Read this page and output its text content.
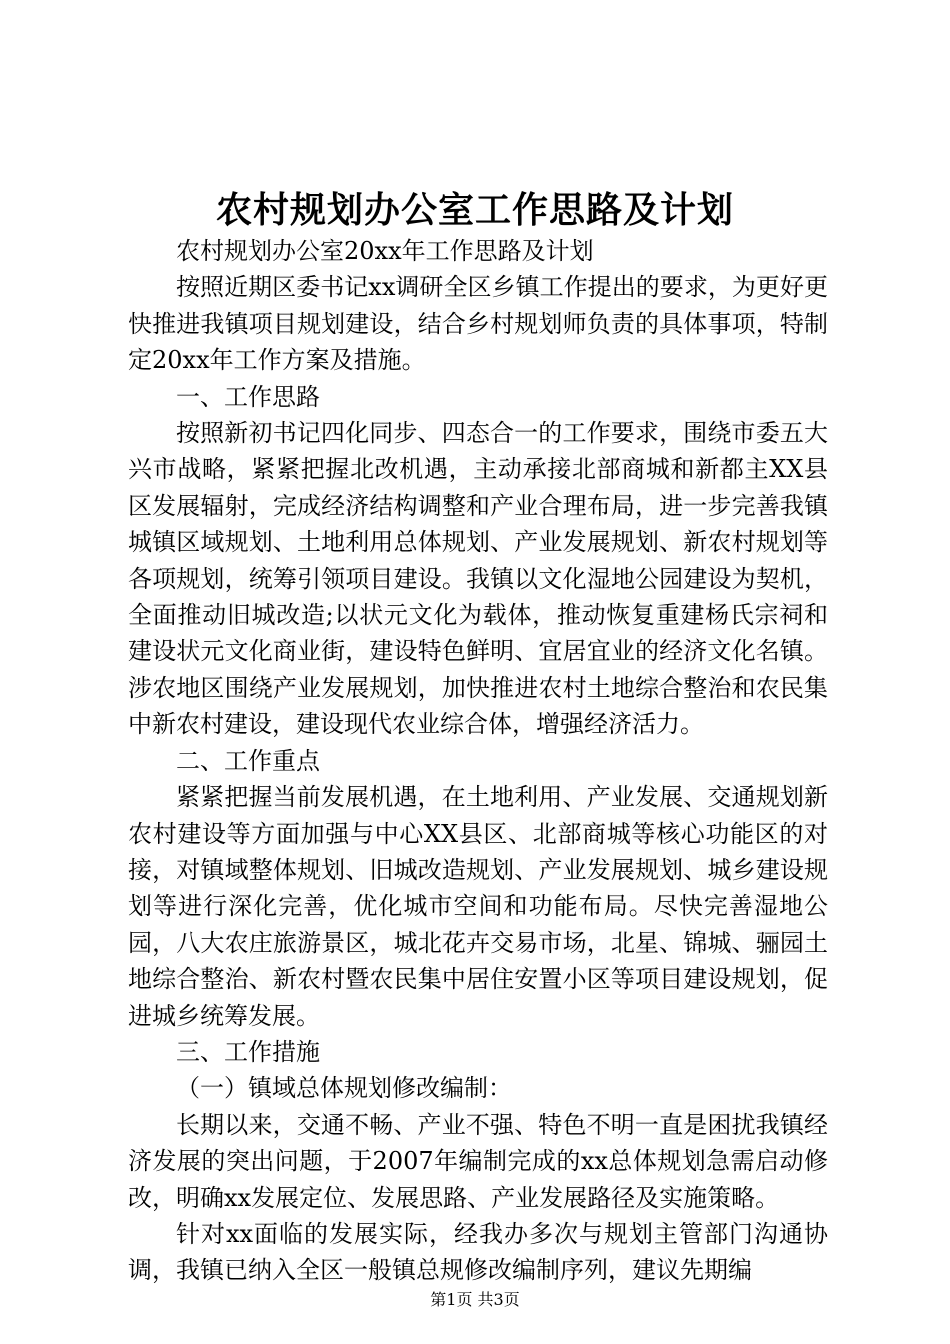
农村规划办公室工作思路及计划

农村规划办公室20xx年工作思路及计划

按照近期区委书记xx调研全区乡镇工作提出的要求，为更好更快推进我镇项目规划建设，结合乡村规划师负责的具体事项，特制定20xx年工作方案及措施。

一、工作思路

按照新初书记四化同步、四态合一的工作要求，围绕市委五大兴市战略，紧紧把握北改机遇，主动承接北部商城和新都主XX县区发展辐射，完成经济结构调整和产业合理布局，进一步完善我镇城镇区域规划、土地利用总体规划、产业发展规划、新农村规划等各项规划，统筹引领项目建设。我镇以文化湿地公园建设为契机，全面推动旧城改造;以状元文化为载体，推动恢复重建杨氏宗祠和建设状元文化商业街，建设特色鲜明、宜居宜业的经济文化名镇。涉农地区围绕产业发展规划，加快推进农村土地综合整治和农民集中新农村建设，建设现代农业综合体，增强经济活力。

二、工作重点

紧紧把握当前发展机遇，在土地利用、产业发展、交通规划新农村建设等方面加强与中心XX县区、北部商城等核心功能区的对接，对镇域整体规划、旧城改造规划、产业发展规划、城乡建设规划等进行深化完善，优化城市空间和功能布局。尽快完善湿地公园，八大农庄旅游景区，城北花卉交易市场，北星、锦城、骊园土地综合整治、新农村暨农民集中居住安置小区等项目建设规划，促进城乡统筹发展。

三、工作措施

（一）镇域总体规划修改编制：

长期以来，交通不畅、产业不强、特色不明一直是困扰我镇经济发展的突出问题，于2007年编制完成的xx总体规划急需启动修改，明确xx发展定位、发展思路、产业发展路径及实施策略。

针对xx面临的发展实际，经我办多次与规划主管部门沟通协调，我镇已纳入全区一般镇总规修改编制序列，建议先期编

第1页 共3页
